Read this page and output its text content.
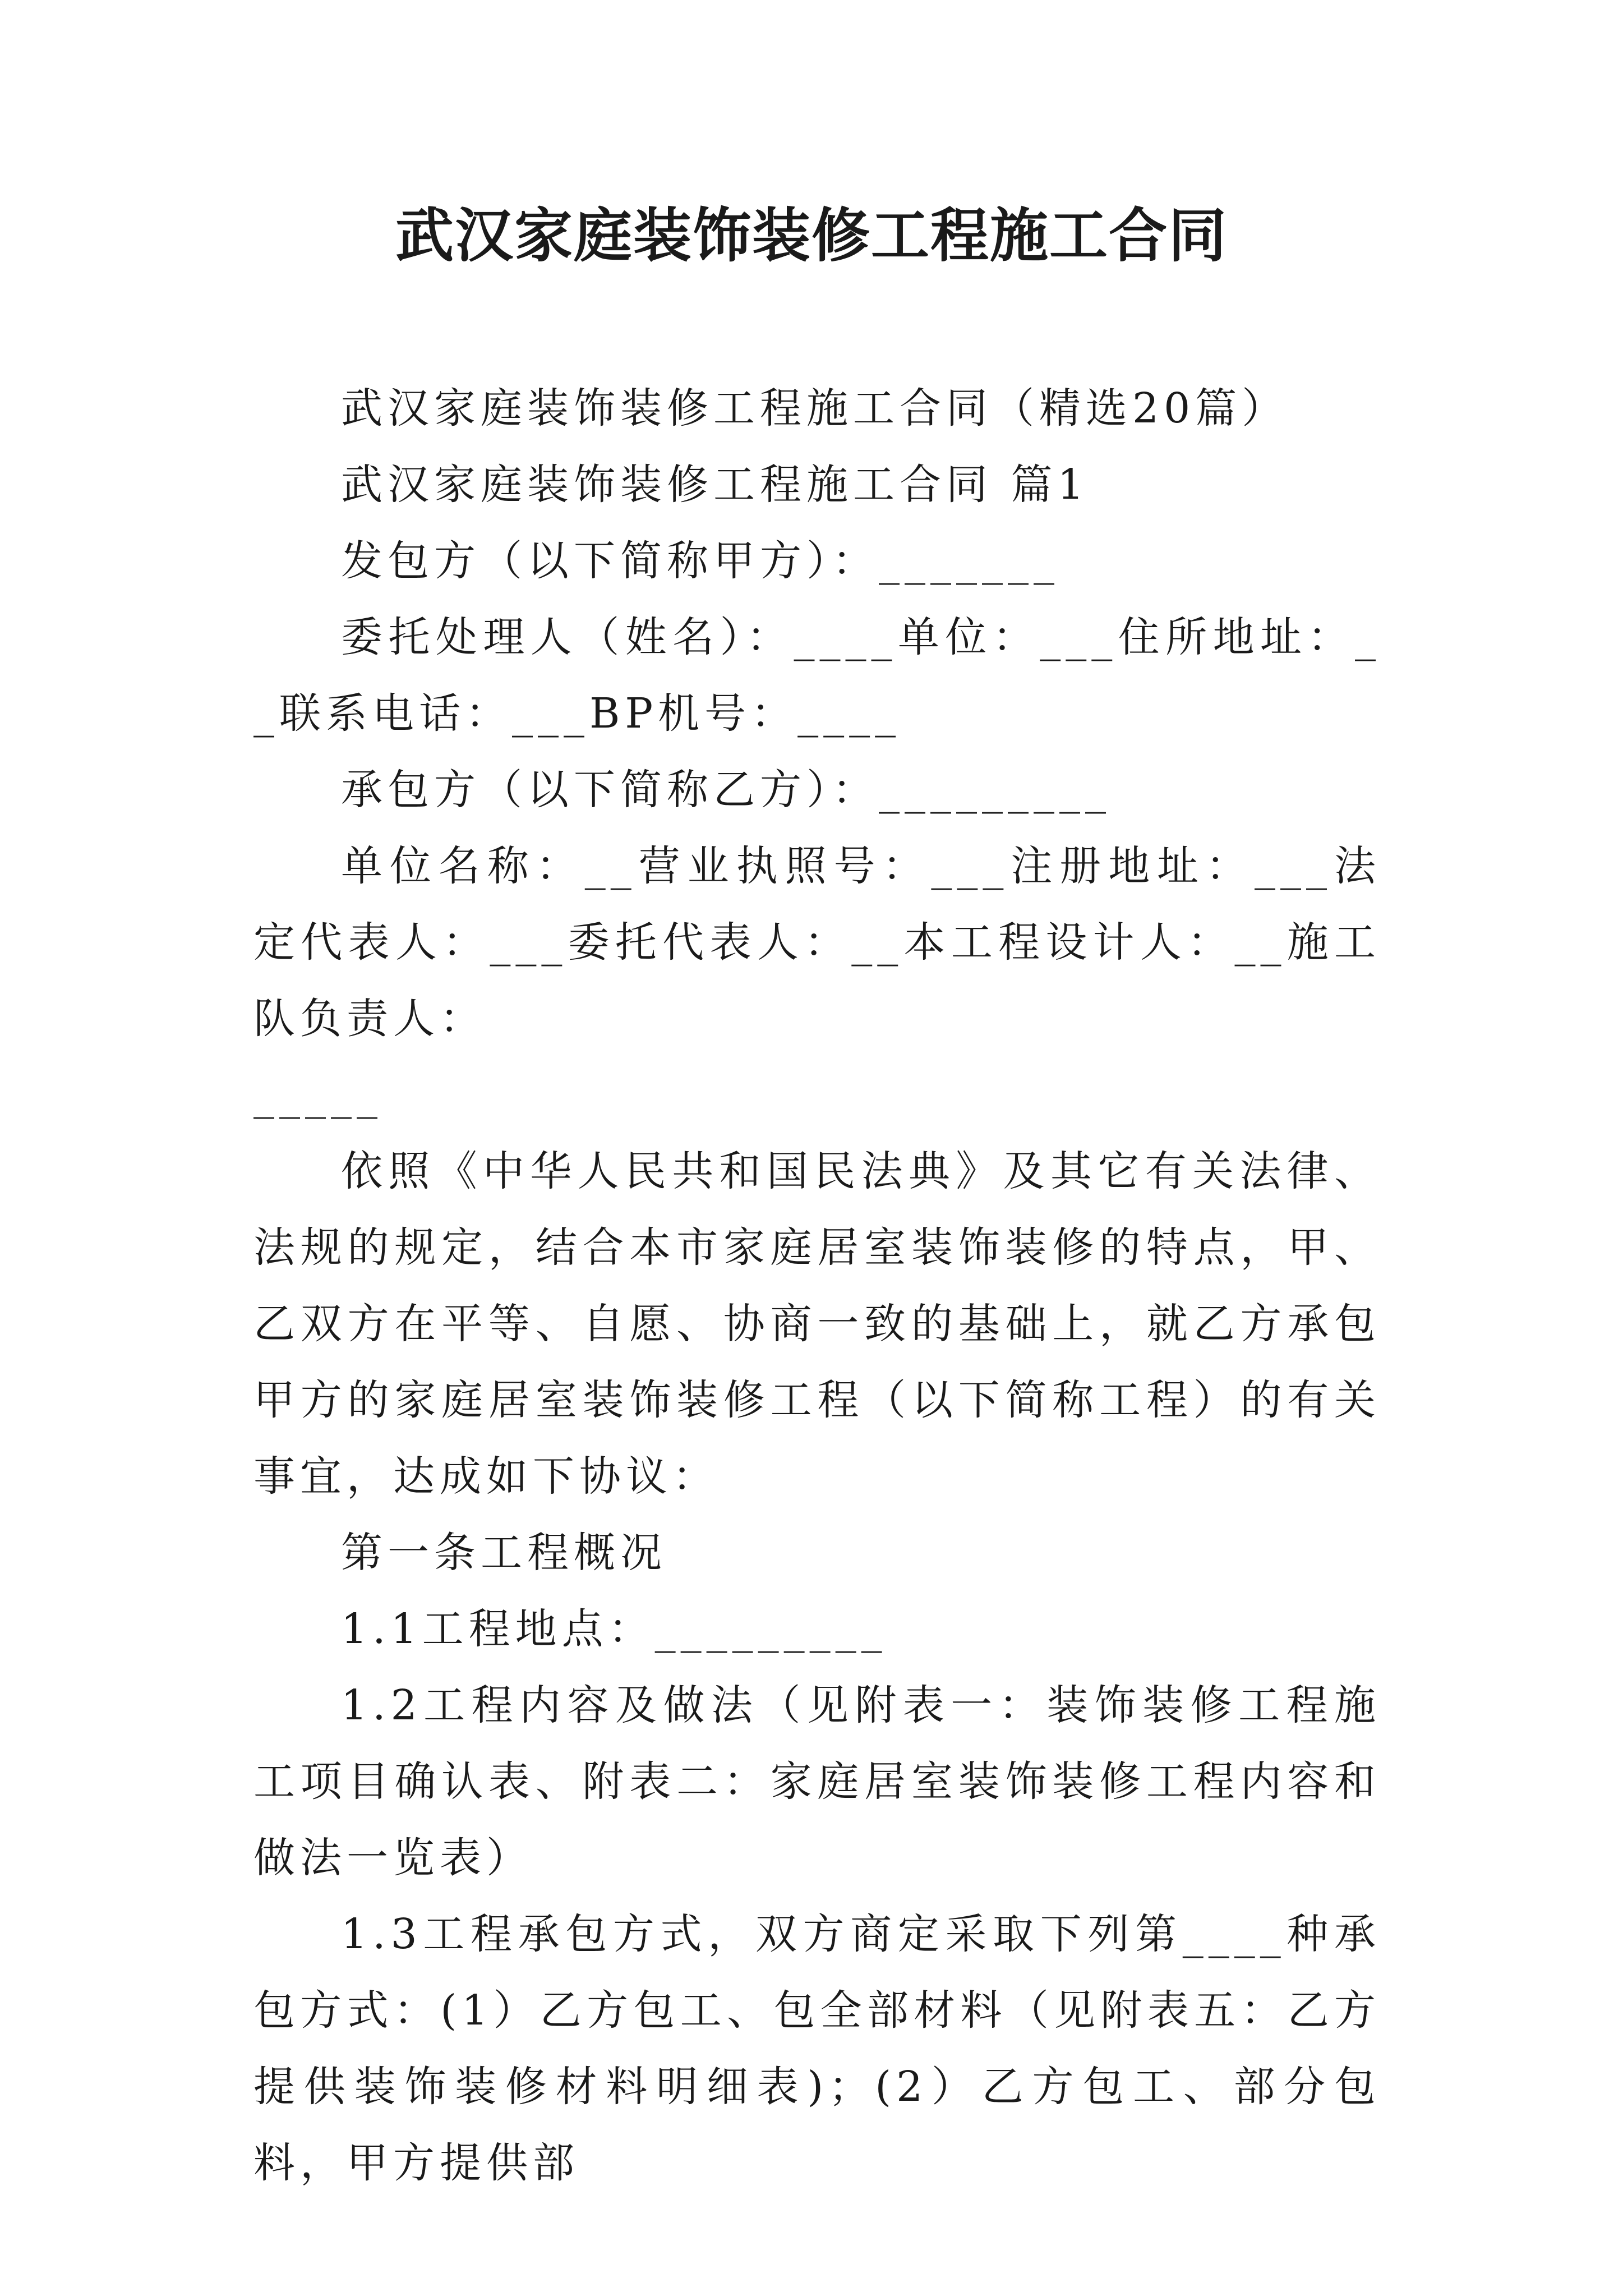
武汉家庭装饰装修工程施工合同

武汉家庭装饰装修工程施工合同（精选20篇）

武汉家庭装饰装修工程施工合同 篇1

发包方（以下简称甲方）：_______

委托处理人（姓名）：____单位：___住所地址：__联系电话：___BP机号：____

承包方（以下简称乙方）：_________

单位名称：__营业执照号：___注册地址：___法定代表人：___委托代表人：__本工程设计人：__施工队负责人：

_____

依照《中华人民共和国民法典》及其它有关法律、法规的规定，结合本市家庭居室装饰装修的特点，甲、乙双方在平等、自愿、协商一致的基础上，就乙方承包甲方的家庭居室装饰装修工程（以下简称工程）的有关事宜，达成如下协议：

第一条工程概况

1.1工程地点：_________

1.2工程内容及做法（见附表一：装饰装修工程施工项目确认表、附表二：家庭居室装饰装修工程内容和做法一览表）

1.3工程承包方式，双方商定采取下列第____种承包方式：(1）乙方包工、包全部材料（见附表五：乙方提供装饰装修材料明细表)；(2）乙方包工、部分包料，甲方提供部
